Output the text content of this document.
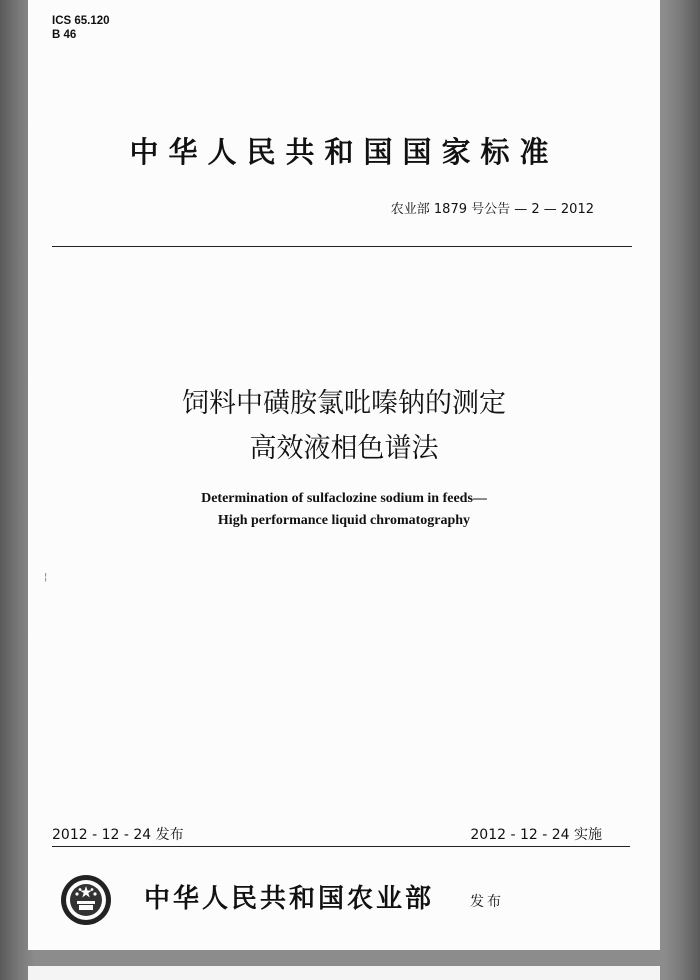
ICS 65.120
B 46
中华人民共和国国家标准
农业部 1879 号公告 — 2 — 2012
饲料中磺胺氯吡嗪钠的测定
高效液相色谱法
Determination of sulfaclozine sodium in feeds—
High performance liquid chromatography
¦
2012 - 12 - 24 发布	2012 - 12 - 24 实施
中华人民共和国农业部	发布
